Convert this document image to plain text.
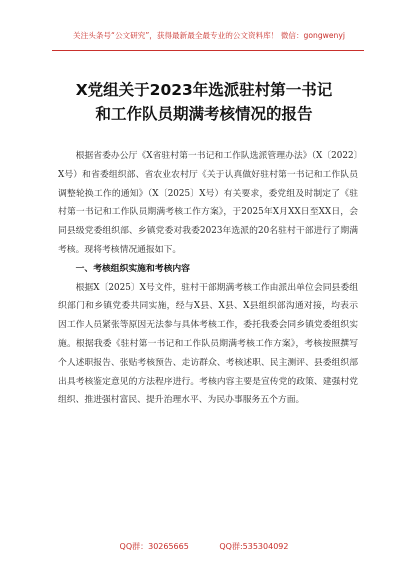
关注头条号“公文研究”，获得最新最全最专业的公文资料库！ 微信：gongwenyj
X党组关于2023年选派驻村第一书记
和工作队员期满考核情况的报告

根据省委办公厅《X省驻村第一书记和工作队选派管理办法》（X〔2022〕X号）和省委组织部、省农业农村厅《关于认真做好驻村第一书记和工作队员调整轮换工作的通知》（X〔2025〕X号）有关要求，委党组及时制定了《驻村第一书记和工作队员期满考核工作方案》，于2025年X月XX日至XX日，会同县级党委组织部、乡镇党委对我委2023年选派的20名驻村干部进行了期满考核。现将考核情况通报如下。

一、考核组织实施和考核内容

根据X〔2025〕X号文件，驻村干部期满考核工作由派出单位会同县委组织部门和乡镇党委共同实施，经与X县、X县、X县组织部沟通对接，均表示因工作人员紧张等原因无法参与具体考核工作，委托我委会同乡镇党委组织实施。根据我委《驻村第一书记和工作队员期满考核工作方案》，考核按照撰写个人述职报告、张贴考核预告、走访群众、考核述职、民主测评、县委组织部出具考核鉴定意见的方法程序进行。考核内容主要是宣传党的政策、建强村党组织、推进强村富民、提升治理水平、为民办事服务五个方面。

QQ群：30265665	QQ群:535304092
